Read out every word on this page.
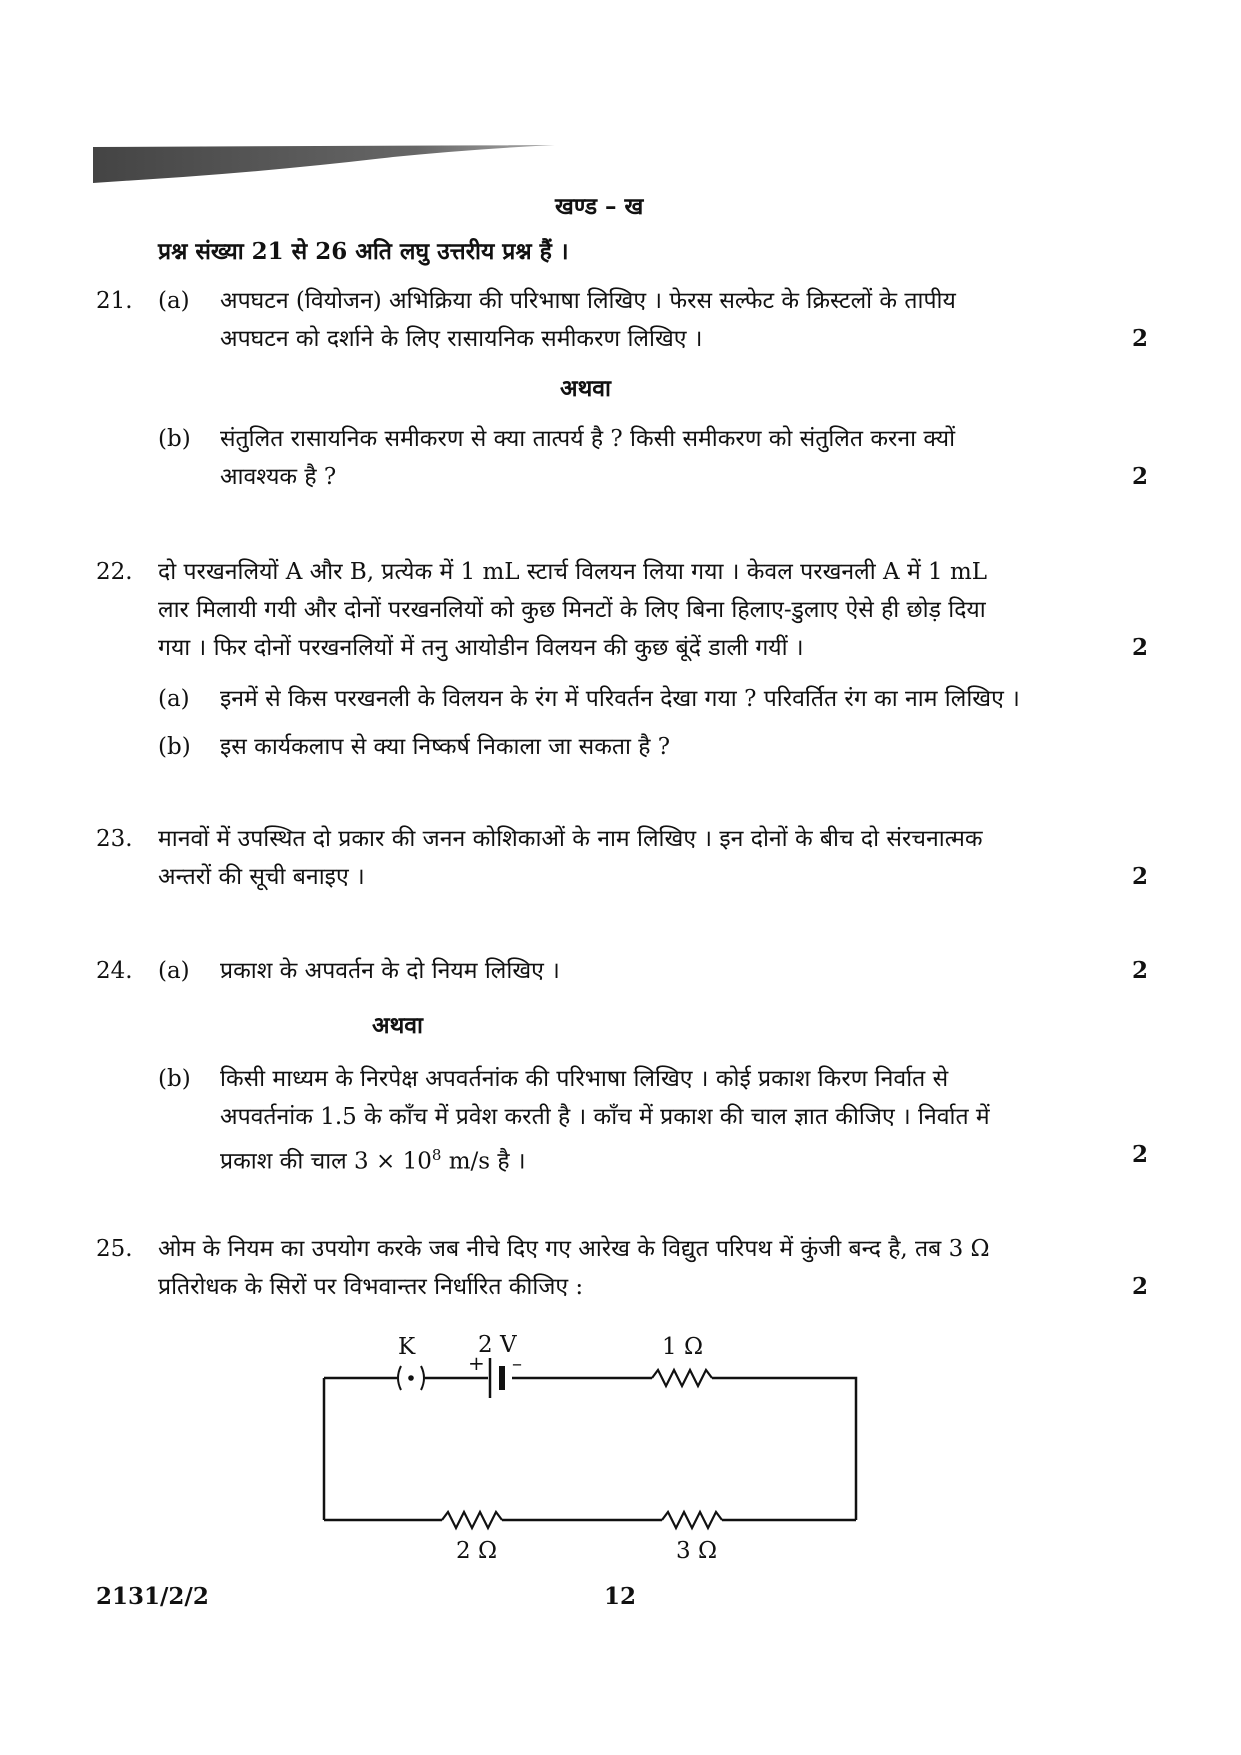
खण्ड – ख
प्रश्न संख्या 21 से 26 अति लघु उत्तरीय प्रश्न हैं ।
21.	(a) अपघटन (वियोजन) अभिक्रिया की परिभाषा लिखिए । फेरस सल्फेट के क्रिस्टलों के तापीय
अपघटन को दर्शाने के लिए रासायनिक समीकरण लिखिए ।	2
अथवा
(b) संतुलित रासायनिक समीकरण से क्या तात्पर्य है ? किसी समीकरण को संतुलित करना क्यों
आवश्यक है ?	2
22.	दो परखनलियों A और B, प्रत्येक में 1 mL स्टार्च विलयन लिया गया । केवल परखनली A में 1 mL
लार मिलायी गयी और दोनों परखनलियों को कुछ मिनटों के लिए बिना हिलाए-डुलाए ऐसे ही छोड़ दिया
गया । फिर दोनों परखनलियों में तनु आयोडीन विलयन की कुछ बूंदें डाली गयीं ।	2
(a) इनमें से किस परखनली के विलयन के रंग में परिवर्तन देखा गया ? परिवर्तित रंग का नाम लिखिए ।
(b) इस कार्यकलाप से क्या निष्कर्ष निकाला जा सकता है ?
23.	मानवों में उपस्थित दो प्रकार की जनन कोशिकाओं के नाम लिखिए । इन दोनों के बीच दो संरचनात्मक
अन्तरों की सूची बनाइए ।	2
24.	(a) प्रकाश के अपवर्तन के दो नियम लिखिए ।	2
अथवा
(b) किसी माध्यम के निरपेक्ष अपवर्तनांक की परिभाषा लिखिए । कोई प्रकाश किरण निर्वात से
अपवर्तनांक 1.5 के काँच में प्रवेश करती है । काँच में प्रकाश की चाल ज्ञात कीजिए । निर्वात में
प्रकाश की चाल $3 \times 10^8$ m/s है ।	2
25.	ओम के नियम का उपयोग करके जब नीचे दिए गए आरेख के विद्युत परिपथ में कुंजी बन्द है, तब 3 Ω
प्रतिरोधक के सिरों पर विभवान्तर निर्धारित कीजिए :	2
K	2 V
+ –
1 Ω
2 Ω	3 Ω
2131/2/2	12
